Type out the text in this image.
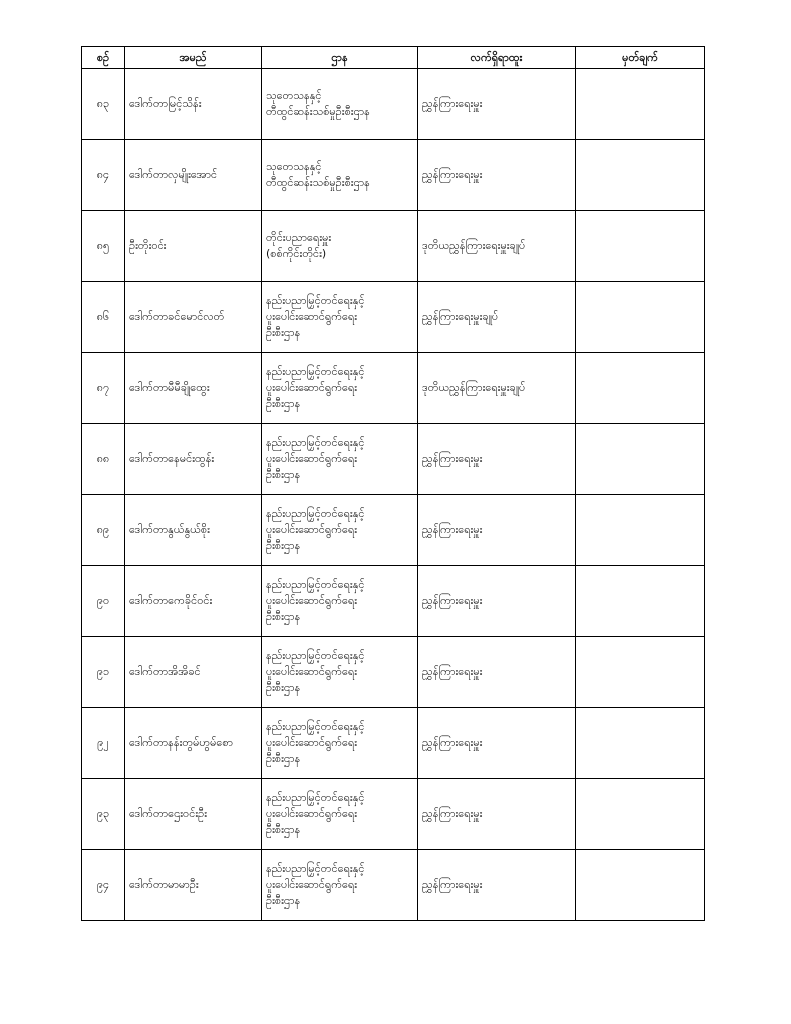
စဉ်	အမည်	ဌာန	လက်ရှိရာထူး	မှတ်ချက်
၈၃	ဒေါက်တာမြင့်သိန်း	သုတေသနနှင့်
တီထွင်ဆန်းသစ်မှုဦးစီးဌာန	ညွှန်ကြားရေးမှူး	
၈၄	ဒေါက်တာလှမျိုးအောင်	သုတေသနနှင့်
တီထွင်ဆန်းသစ်မှုဦးစီးဌာန	ညွှန်ကြားရေးမှူး	
၈၅	ဦးတိုးဝင်း	တိုင်းပညာရေးမှူး
(စစ်ကိုင်းတိုင်း)	ဒုတိယညွှန်ကြားရေးမှူးချုပ်	
၈၆	ဒေါက်တာခင်မောင်လတ်	နည်းပညာမြှင့်တင်ရေးနှင့်
ပူးပေါင်းဆောင်ရွက်ရေး
ဦးစီးဌာန	ညွှန်ကြားရေးမှူးချုပ်	
၈၇	ဒေါက်တာမီမီချိုထွေး	နည်းပညာမြှင့်တင်ရေးနှင့်
ပူးပေါင်းဆောင်ရွက်ရေး
ဦးစီးဌာန	ဒုတိယညွှန်ကြားရေးမှူးချုပ်	
၈၈	ဒေါက်တာနေမင်းထွန်း	နည်းပညာမြှင့်တင်ရေးနှင့်
ပူးပေါင်းဆောင်ရွက်ရေး
ဦးစီးဌာန	ညွှန်ကြားရေးမှူး	
၈၉	ဒေါက်တာနွယ်နွယ်စိုး	နည်းပညာမြှင့်တင်ရေးနှင့်
ပူးပေါင်းဆောင်ရွက်ရေး
ဦးစီးဌာန	ညွှန်ကြားရေးမှူး	
၉၀	ဒေါက်တာကေခိုင်ဝင်း	နည်းပညာမြှင့်တင်ရေးနှင့်
ပူးပေါင်းဆောင်ရွက်ရေး
ဦးစီးဌာန	ညွှန်ကြားရေးမှူး	
၉၁	ဒေါက်တာအိအိခင်	နည်းပညာမြှင့်တင်ရေးနှင့်
ပူးပေါင်းဆောင်ရွက်ရေး
ဦးစီးဌာန	ညွှန်ကြားရေးမှူး	
၉၂	ဒေါက်တာနန်းတွမ်ဟွမ်စော	နည်းပညာမြှင့်တင်ရေးနှင့်
ပူးပေါင်းဆောင်ရွက်ရေး
ဦးစီးဌာန	ညွှန်ကြားရေးမှူး	
၉၃	ဒေါက်တာဌေးဝင်းဦး	နည်းပညာမြှင့်တင်ရေးနှင့်
ပူးပေါင်းဆောင်ရွက်ရေး
ဦးစီးဌာန	ညွှန်ကြားရေးမှူး	
၉၄	ဒေါက်တာမာမာဦး	နည်းပညာမြှင့်တင်ရေးနှင့်
ပူးပေါင်းဆောင်ရွက်ရေး
ဦးစီးဌာန	ညွှန်ကြားရေးမှူး	
